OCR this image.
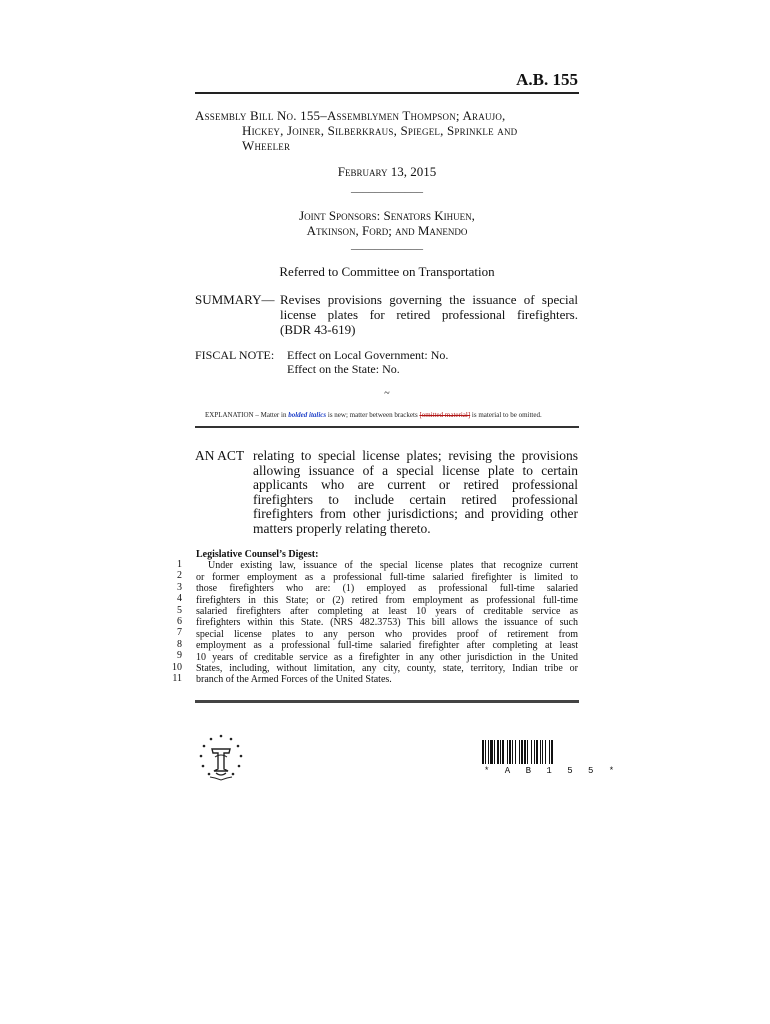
A.B. 155
Assembly Bill No. 155–Assemblymen Thompson; Araujo,
Hickey, Joiner, Silberkraus, Spiegel, Sprinkle and
Wheeler
February 13, 2015
____________
Joint Sponsors: Senators Kihuen,
Atkinson, Ford; and Manendo
____________
Referred to Committee on Transportation
SUMMARY— Revises provisions governing the issuance of special
license plates for retired professional firefighters.
(BDR 43-619)
FISCAL NOTE: Effect on Local Government: No.
Effect on the State: No.
~
EXPLANATION – Matter in bolded italics is new; matter between brackets [omitted material] is material to be omitted.
AN ACT relating to special license plates; revising the provisions
allowing issuance of a special license plate to certain
applicants who are current or retired professional
firefighters to include certain retired professional
firefighters from other jurisdictions; and providing other
matters properly relating thereto.
Legislative Counsel’s Digest:
Under existing law, issuance of the special license plates that recognize current
or former employment as a professional full-time salaried firefighter is limited to
those firefighters who are: (1) employed as professional full-time salaried
firefighters in this State; or (2) retired from employment as professional full-time
salaried firefighters after completing at least 10 years of creditable service as
firefighters within this State. (NRS 482.3753) This bill allows the issuance of such
special license plates to any person who provides proof of retirement from
employment as a professional full-time salaried firefighter after completing at least
10 years of creditable service as a firefighter in any other jurisdiction in the United
States, including, without limitation, any city, county, state, territory, Indian tribe or
branch of the Armed Forces of the United States.
1
2
3
4
5
6
7
8
9
10
11
* A B 1 5 5 *
